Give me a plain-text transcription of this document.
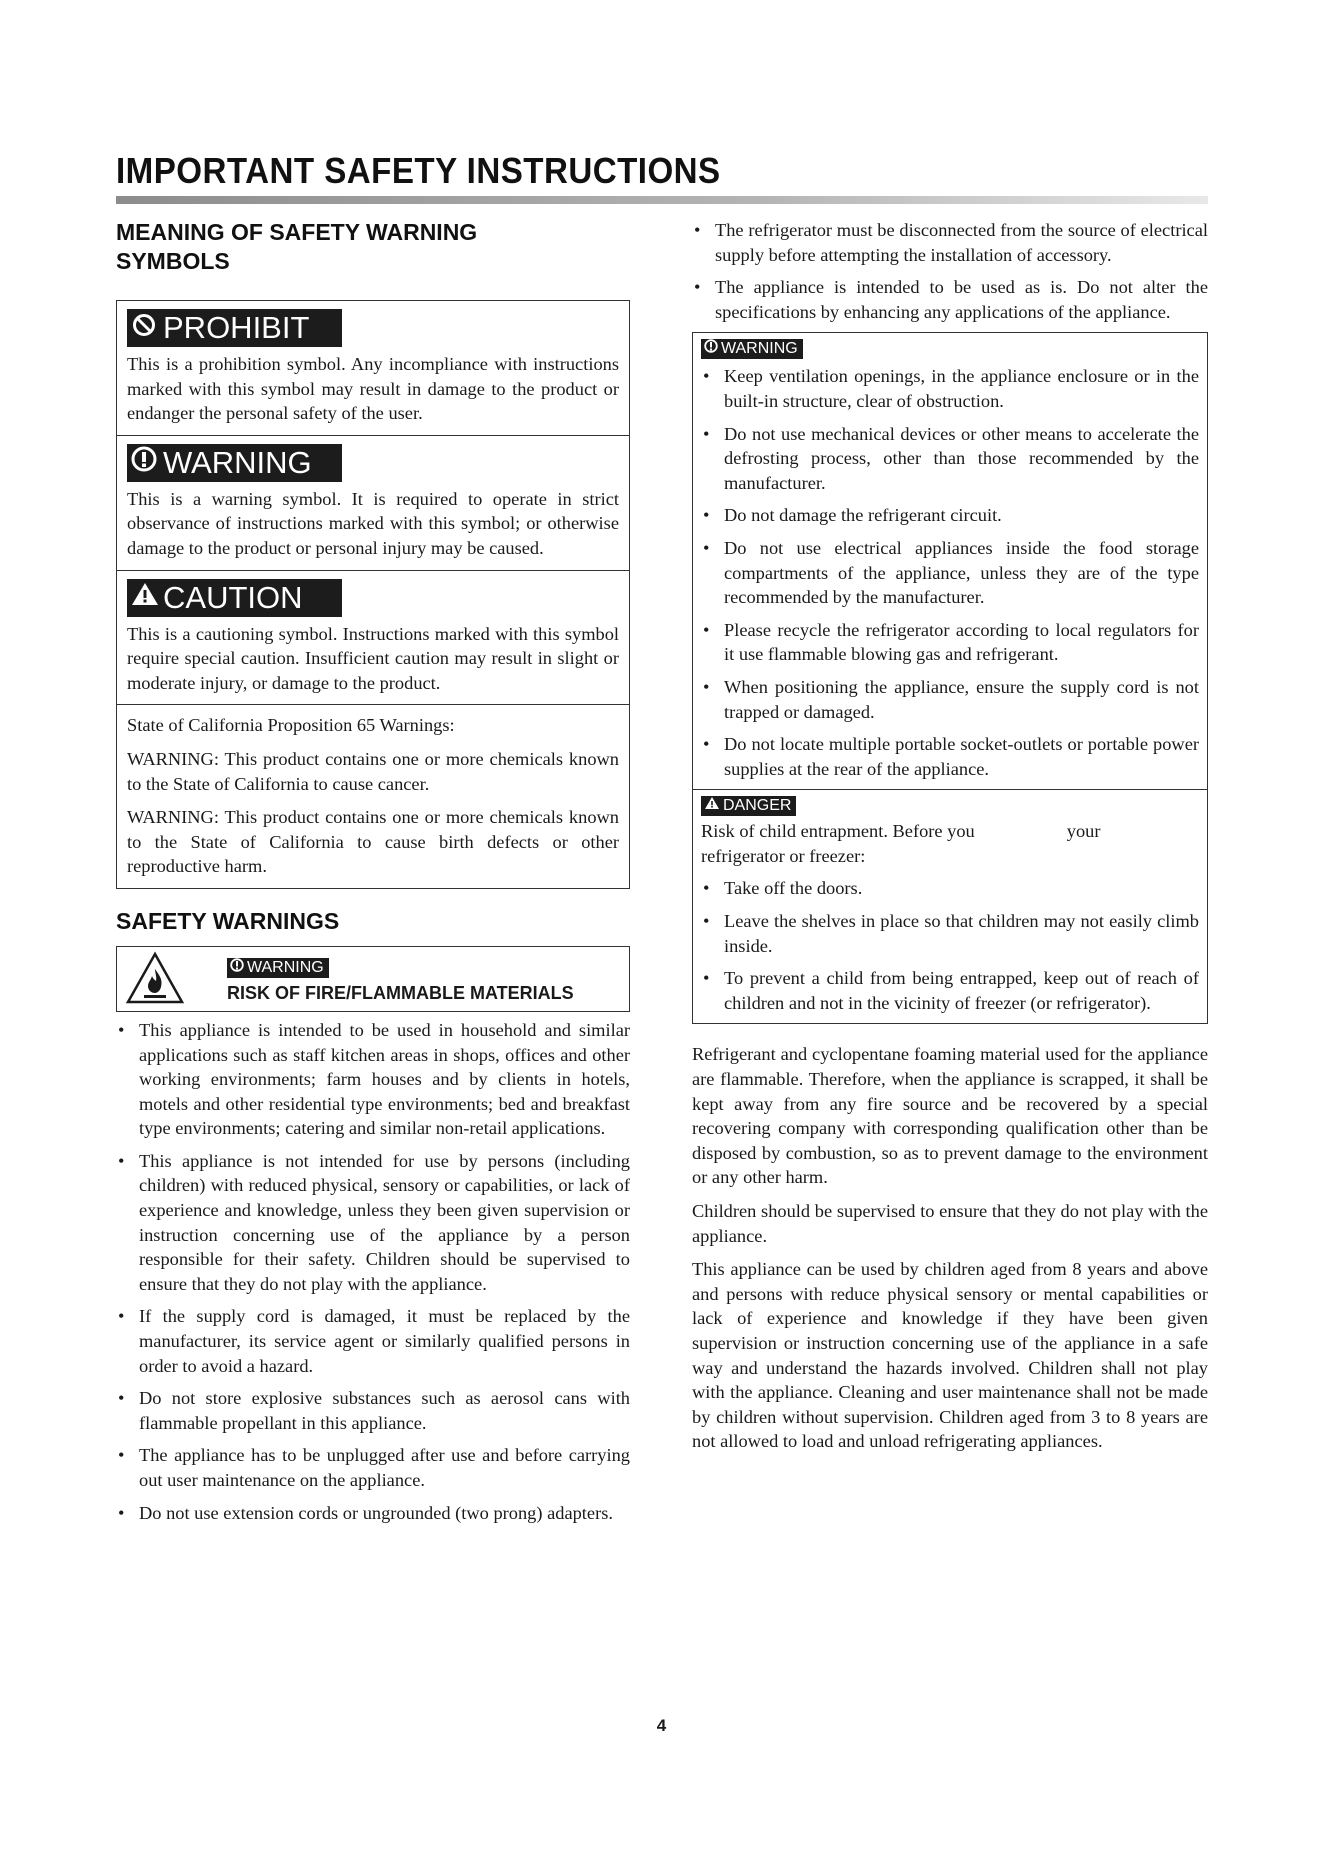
IMPORTANT SAFETY INSTRUCTIONS
MEANING OF SAFETY WARNING SYMBOLS
PROHIBIT

This is a prohibition symbol. Any incompliance with instructions marked with this symbol may result in damage to the product or endanger the personal safety of the user.

WARNING

This is a warning symbol. It is required to operate in strict observance of instructions marked with this symbol; or otherwise damage to the product or personal injury may be caused.

CAUTION

This is a cautioning symbol. Instructions marked with this symbol require special caution. Insufficient caution may result in slight or moderate injury, or damage to the product.

State of California Proposition 65 Warnings:

WARNING: This product contains one or more chemicals known to the State of California to cause cancer.

WARNING: This product contains one or more chemicals known to the State of California to cause birth defects or other reproductive harm.

SAFETY WARNINGS
WARNING
RISK OF FIRE/FLAMMABLE MATERIALS
• This appliance is intended to be used in household and similar applications such as staff kitchen areas in shops, offices and other working environments; farm houses and by clients in hotels, motels and other residential type environments; bed and breakfast type environments; catering and similar non-retail applications.
• This appliance is not intended for use by persons (including children) with reduced physical, sensory or capabilities, or lack of experience and knowledge, unless they been given supervision or instruction concerning use of the appliance by a person responsible for their safety. Children should be supervised to ensure that they do not play with the appliance.
• If the supply cord is damaged, it must be replaced by the manufacturer, its service agent or similarly qualified persons in order to avoid a hazard.
• Do not store explosive substances such as aerosol cans with flammable propellant in this appliance.
• The appliance has to be unplugged after use and before carrying out user maintenance on the appliance.
• Do not use extension cords or ungrounded (two prong) adapters.
• The refrigerator must be disconnected from the source of electrical supply before attempting the installation of accessory.
• The appliance is intended to be used as is. Do not alter the specifications by enhancing any applications of the appliance.
WARNING
• Keep ventilation openings, in the appliance enclosure or in the built-in structure, clear of obstruction.
• Do not use mechanical devices or other means to accelerate the defrosting process, other than those recommended by the manufacturer.
• Do not damage the refrigerant circuit.
• Do not use electrical appliances inside the food storage compartments of the appliance, unless they are of the type recommended by the manufacturer.
• Please recycle the refrigerator according to local regulators for it use flammable blowing gas and refrigerant.
• When positioning the appliance, ensure the supply cord is not trapped or damaged.
• Do not locate multiple portable socket-outlets or portable power supplies at the rear of the appliance.
DANGER

Risk of child entrapment. Before you	your
refrigerator or freezer:

• Take off the doors.
• Leave the shelves in place so that children may not easily climb inside.
• To prevent a child from being entrapped, keep out of reach of children and not in the vicinity of freezer (or refrigerator).

Refrigerant and cyclopentane foaming material used for the appliance are flammable. Therefore, when the appliance is scrapped, it shall be kept away from any fire source and be recovered by a special recovering company with corresponding qualification other than be disposed by combustion, so as to prevent damage to the environment or any other harm.

Children should be supervised to ensure that they do not play with the appliance.

This appliance can be used by children aged from 8 years and above and persons with reduce physical sensory or mental capabilities or lack of experience and knowledge if they have been given supervision or instruction concerning use of the appliance in a safe way and understand the hazards involved. Children shall not play with the appliance. Cleaning and user maintenance shall not be made by children without supervision. Children aged from 3 to 8 years are not allowed to load and unload refrigerating appliances.

4
